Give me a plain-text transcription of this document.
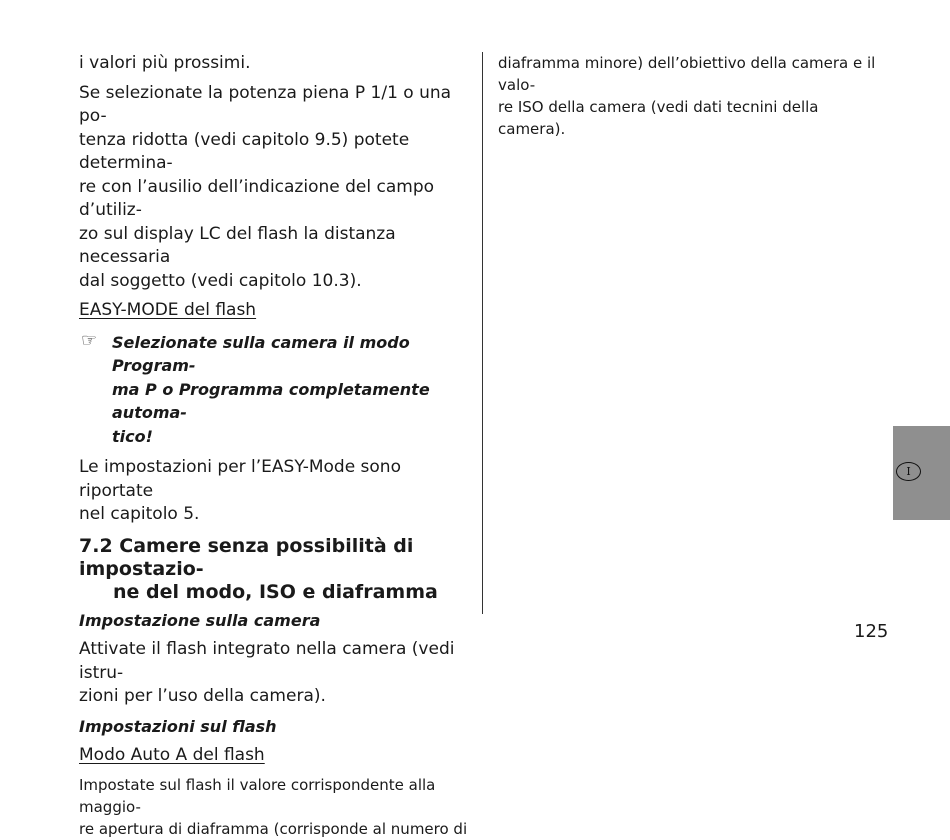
i valori più prossimi.

Se selezionate la potenza piena P 1/1 o una po-
tenza ridotta (vedi capitolo 9.5) potete determina-
re con l’ausilio dell’indicazione del campo d’utiliz-
zo sul display LC del flash la distanza necessaria
dal soggetto (vedi capitolo 10.3).

EASY-MODE del flash

☞ Selezionate sulla camera il modo Program-
ma P o Programma completamente automa-
tico!

Le impostazioni per l’EASY-Mode sono riportate
nel capitolo 5.

7.2 Camere senza possibilità di impostazio-
ne del modo, ISO e diaframma

Impostazione sulla camera

Attivate il flash integrato nella camera (vedi istru-
zioni per l’uso della camera).

Impostazioni sul flash

Modo Auto A del flash

Impostate sul flash il valore corrispondente alla maggio-
re apertura di diaframma (corrisponde al numero di

diaframma minore) dell’obiettivo della camera e il valo-
re ISO della camera (vedi dati tecnini della camera).

I
125
